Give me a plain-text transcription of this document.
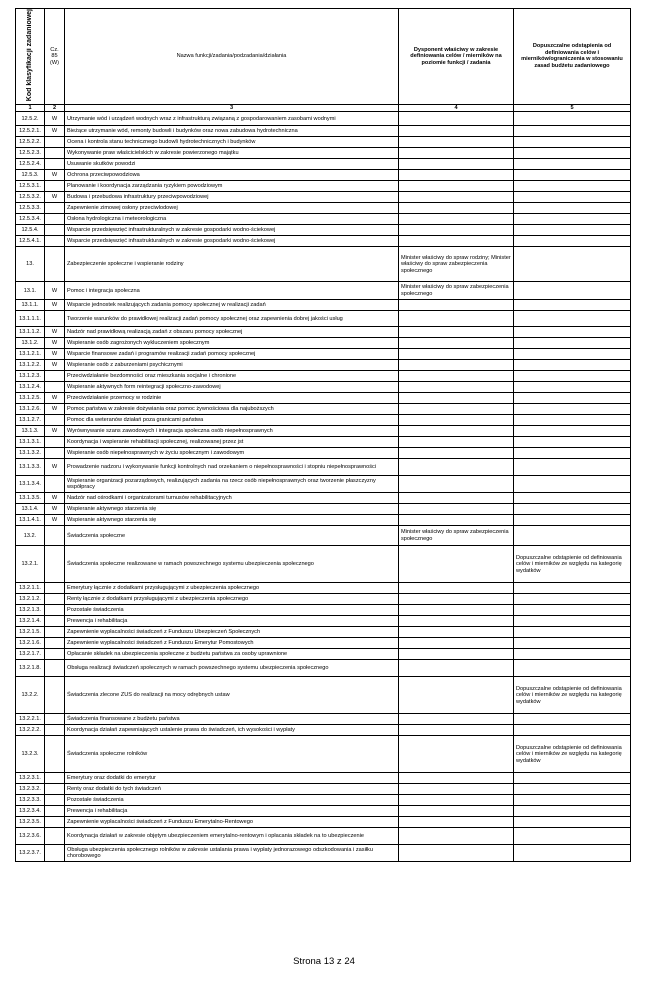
Kod klasyfikacji zadaniowej	Cz. 85 (W)	Nazwa funkcji/zadania/podzadania/działania	Dysponent właściwy w zakresie definiowania celów / mierników na poziomie funkcji / zadania	Dopuszczalne odstąpienia od definiowania celów i mierników/ograniczenia w stosowaniu zasad budżetu zadaniowego
1	2	3	4	5
12.5.2.	W	Utrzymanie wód i urządzeń wodnych wraz z infrastrukturą związaną z gospodarowaniem zasobami wodnymi		
12.5.2.1.	W	Bieżące utrzymanie wód, remonty budowli i budynków oraz nowa zabudowa hydrotechniczna		
12.5.2.2.		Ocena i kontrola stanu technicznego budowli hydrotechnicznych i budynków		
12.5.2.3.		Wykonywanie praw właścicielskich w zakresie powierzonego majątku		
12.5.2.4.		Usuwanie skutków powodzi		
12.5.3.	W	Ochrona przeciwpowodziowa		
12.5.3.1.		Planowanie i koordynacja zarządzania ryzykiem powodziowym		
12.5.3.2.	W	Budowa i przebudowa infrastruktury przeciwpowodziowej		
12.5.3.3.		Zapewnienie zimowej osłony przeciwlodowej		
12.5.3.4.		Osłona hydrologiczna i meteorologiczna		
12.5.4.		Wsparcie przedsięwzięć infrastrukturalnych w zakresie gospodarki wodno-ściekowej		
12.5.4.1.		Wsparcie przedsięwzięć infrastrukturalnych w zakresie gospodarki wodno-ściekowej		
13.		Zabezpieczenie społeczne i wspieranie rodziny	Minister właściwy do spraw rodziny; Minister właściwy do spraw zabezpieczenia społecznego	
13.1.	W	Pomoc i integracja społeczna	Minister właściwy do spraw zabezpieczenia społecznego	
13.1.1.	W	Wsparcie jednostek realizujących zadania pomocy społecznej w realizacji zadań		
13.1.1.1.		Tworzenie warunków do prawidłowej realizacji zadań pomocy społecznej oraz zapewnienia dobrej jakości usług		
13.1.1.2.	W	Nadzór nad prawidłową realizacją zadań z obszaru pomocy społecznej		
13.1.2.	W	Wspieranie osób zagrożonych wykluczeniem społecznym		
13.1.2.1.	W	Wsparcie finansowe zadań i programów realizacji zadań pomocy społecznej		
13.1.2.2.	W	Wspieranie osób z zaburzeniami psychicznymi		
13.1.2.3.		Przeciwdziałanie bezdomności oraz mieszkania socjalne i chronione		
13.1.2.4.		Wspieranie aktywnych form reintegracji społeczno-zawodowej		
13.1.2.5.	W	Przeciwdziałanie przemocy w rodzinie		
13.1.2.6.	W	Pomoc państwa w zakresie dożywiania oraz pomoc żywnościowa dla najuboższych		
13.1.2.7.		Pomoc dla weteranów działań poza granicami państwa		
13.1.3.	W	Wyrównywanie szans zawodowych i integracja społeczna osób niepełnosprawnych		
13.1.3.1.		Koordynacja i wspieranie rehabilitacji społecznej, realizowanej przez jst		
13.1.3.2.		Wspieranie osób niepełnosprawnych w życiu społecznym i zawodowym		
13.1.3.3.	W	Prowadzenie nadzoru i wykonywanie funkcji kontrolnych nad orzekaniem o niepełnosprawności i stopniu niepełnosprawności		
13.1.3.4.		Wspieranie organizacji pozarządowych, realizujących zadania na rzecz osób niepełnosprawnych oraz tworzenie płaszczyzny współpracy		
13.1.3.5.	W	Nadzór nad ośrodkami i organizatorami turnusów rehabilitacyjnych		
13.1.4.	W	Wspieranie aktywnego starzenia się		
13.1.4.1.	W	Wspieranie aktywnego starzenia się		
13.2.		Świadczenia społeczne	Minister właściwy do spraw zabezpieczenia społecznego	
13.2.1.		Świadczenia społeczne realizowane w ramach powszechnego systemu ubezpieczenia społecznego		Dopuszczalne odstąpienie od definiowania celów i mierników ze względu na kategorię wydatków
13.2.1.1.		Emerytury łącznie z dodatkami przysługującymi z ubezpieczenia społecznego		
13.2.1.2.		Renty łącznie z dodatkami przysługującymi z ubezpieczenia społecznego		
13.2.1.3.		Pozostałe świadczenia		
13.2.1.4.		Prewencja i rehabilitacja		
13.2.1.5.		Zapewnienie wypłacalności świadczeń z Funduszu Ubezpieczeń Społecznych		
13.2.1.6.		Zapewnienie wypłacalności świadczeń z Funduszu Emerytur Pomostowych		
13.2.1.7.		Opłacanie składek na ubezpieczenia społeczne z budżetu państwa za osoby uprawnione		
13.2.1.8.		Obsługa realizacji świadczeń społecznych w ramach powszechnego systemu ubezpieczenia społecznego		
13.2.2.		Świadczenia zlecone ZUS do realizacji na mocy odrębnych ustaw		Dopuszczalne odstąpienie od definiowania celów i mierników ze względu na kategorię wydatków
13.2.2.1.		Świadczenia finansowane z budżetu państwa		
13.2.2.2.		Koordynacja działań zapewniających ustalenie prawa do świadczeń, ich wysokości i wypłaty		
13.2.3.		Świadczenia społeczne rolników		Dopuszczalne odstąpienie od definiowania celów i mierników ze względu na kategorię wydatków
13.2.3.1.		Emerytury oraz dodatki do emerytur		
13.2.3.2.		Renty oraz dodatki do tych świadczeń		
13.2.3.3.		Pozostałe świadczenia		
13.2.3.4.		Prewencja i rehabilitacja		
13.2.3.5.		Zapewnienie wypłacalności świadczeń z Funduszu Emerytalno-Rentowego		
13.2.3.6.		Koordynacja działań w zakresie objętym ubezpieczeniem emerytalno-rentowym i opłacania składek na to ubezpieczenie		
13.2.3.7.		Obsługa ubezpieczenia społecznego rolników w zakresie ustalania prawa i wypłaty jednorazowego odszkodowania i zasiłku chorobowego		
Strona 13 z 24
